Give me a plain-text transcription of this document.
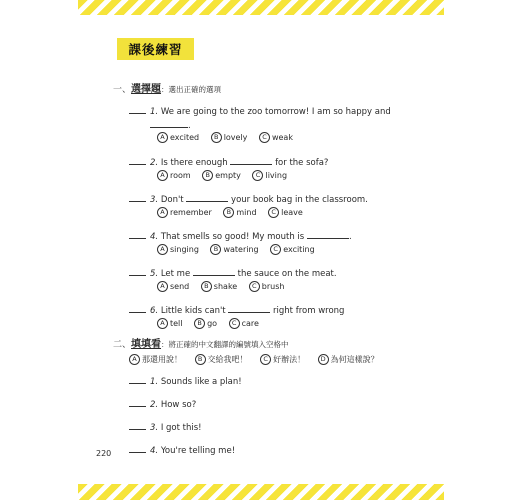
課後練習
一、選擇題：選出正確的選項
1. We are going to the zoo tomorrow! I am so happy and
.
A excited
	B lovely
	C weak
2. Is there enough	for the sofa?
A room
	B empty
	C living
3. Don't	your book bag in the classroom.
A remember
	B mind
	C leave
4. That smells so good! My mouth is	.
A singing
	B watering
	C exciting
5. Let me	the sauce on the meat.
A send
	B shake
	C brush
6. Little kids can't	right from wrong
A tell
	B go
	C care
二、填填看：將正確的中文翻譯的編號填入空格中
A 那還用說！
	B 交給我吧！
	C 好辦法！
	D 為何這樣說？
1. Sounds like a plan!
2. How so?
3. I got this!
4. You're telling me!
220
